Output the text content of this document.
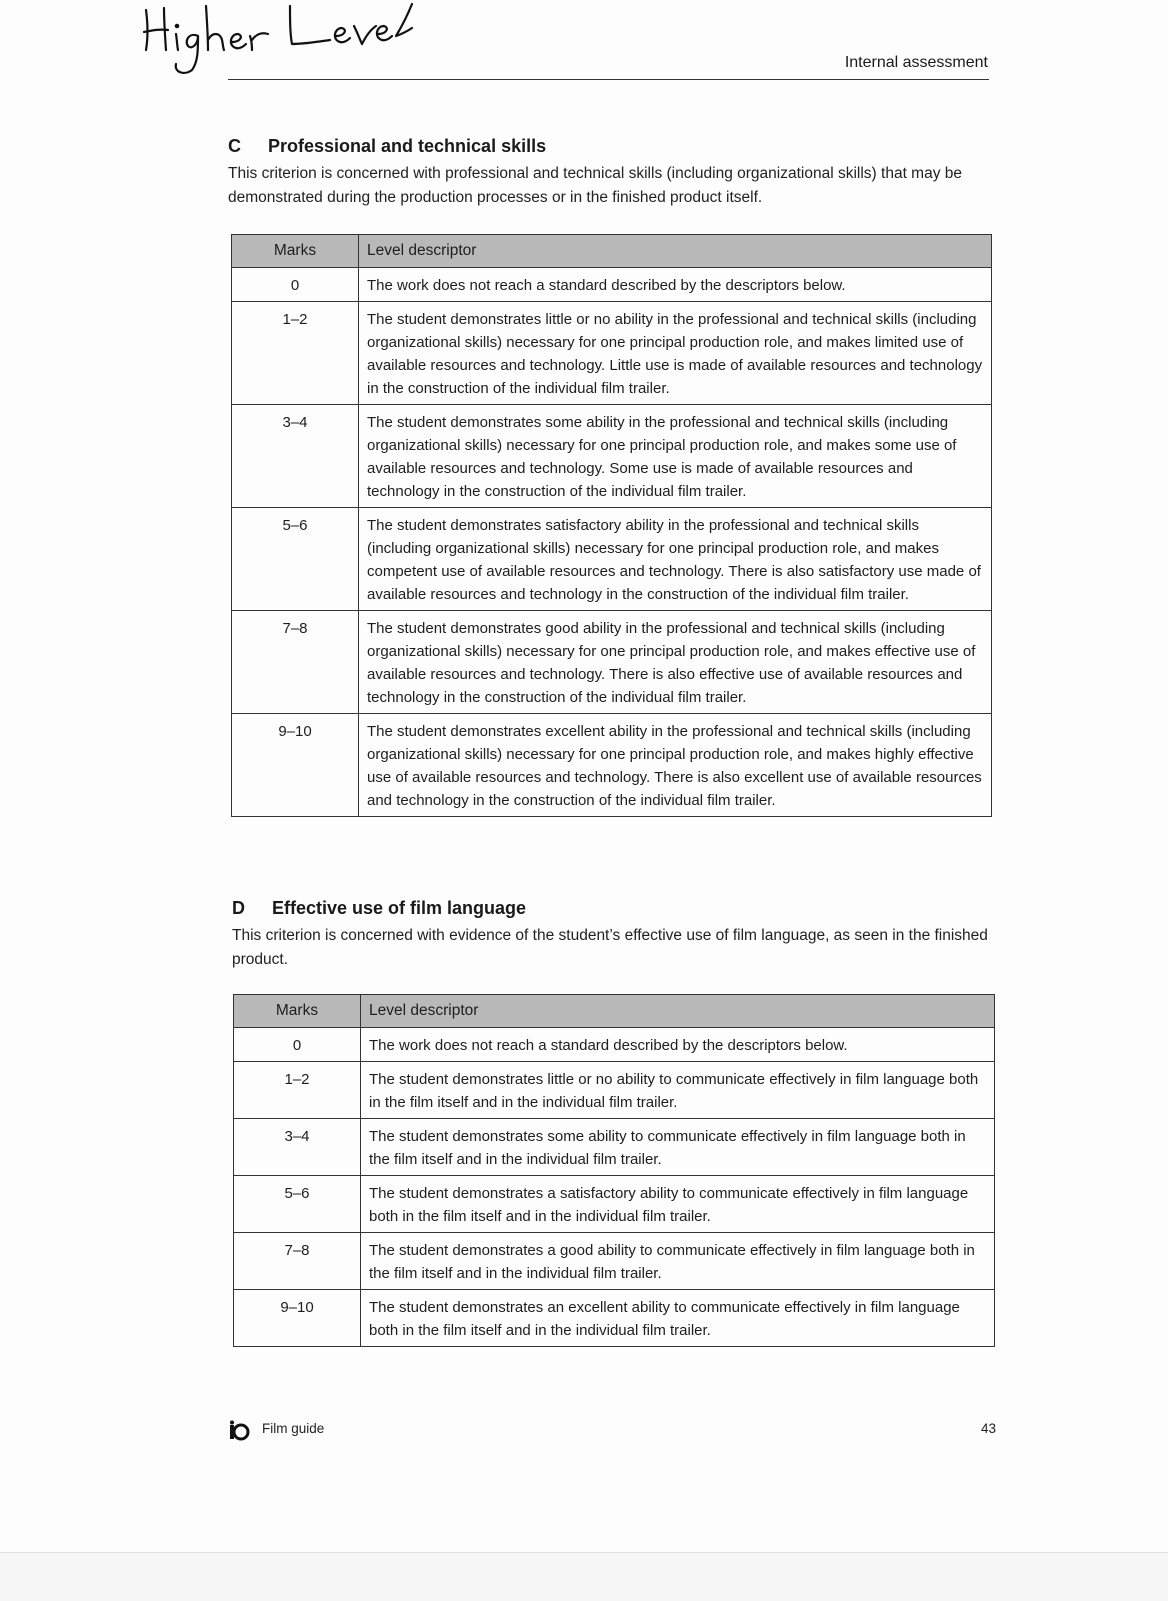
Internal assessment
C Professional and technical skills
This criterion is concerned with professional and technical skills (including organizational skills) that may be demonstrated during the production processes or in the finished product itself.
Marks	Level descriptor
0	The work does not reach a standard described by the descriptors below.
1–2	The student demonstrates little or no ability in the professional and technical skills (including organizational skills) necessary for one principal production role, and makes limited use of available resources and technology. Little use is made of available resources and technology in the construction of the individual film trailer.
3–4	The student demonstrates some ability in the professional and technical skills (including organizational skills) necessary for one principal production role, and makes some use of available resources and technology. Some use is made of available resources and technology in the construction of the individual film trailer.
5–6	The student demonstrates satisfactory ability in the professional and technical skills (including organizational skills) necessary for one principal production role, and makes competent use of available resources and technology. There is also satisfactory use made of available resources and technology in the construction of the individual film trailer.
7–8	The student demonstrates good ability in the professional and technical skills (including organizational skills) necessary for one principal production role, and makes effective use of available resources and technology. There is also effective use of available resources and technology in the construction of the individual film trailer.
9–10	The student demonstrates excellent ability in the professional and technical skills (including organizational skills) necessary for one principal production role, and makes highly effective use of available resources and technology. There is also excellent use of available resources and technology in the construction of the individual film trailer.
D Effective use of film language
This criterion is concerned with evidence of the student’s effective use of film language, as seen in the finished product.
Marks	Level descriptor
0	The work does not reach a standard described by the descriptors below.
1–2	The student demonstrates little or no ability to communicate effectively in film language both in the film itself and in the individual film trailer.
3–4	The student demonstrates some ability to communicate effectively in film language both in the film itself and in the individual film trailer.
5–6	The student demonstrates a satisfactory ability to communicate effectively in film language both in the film itself and in the individual film trailer.
7–8	The student demonstrates a good ability to communicate effectively in film language both in the film itself and in the individual film trailer.
9–10	The student demonstrates an excellent ability to communicate effectively in film language both in the film itself and in the individual film trailer.
Film guide	43
